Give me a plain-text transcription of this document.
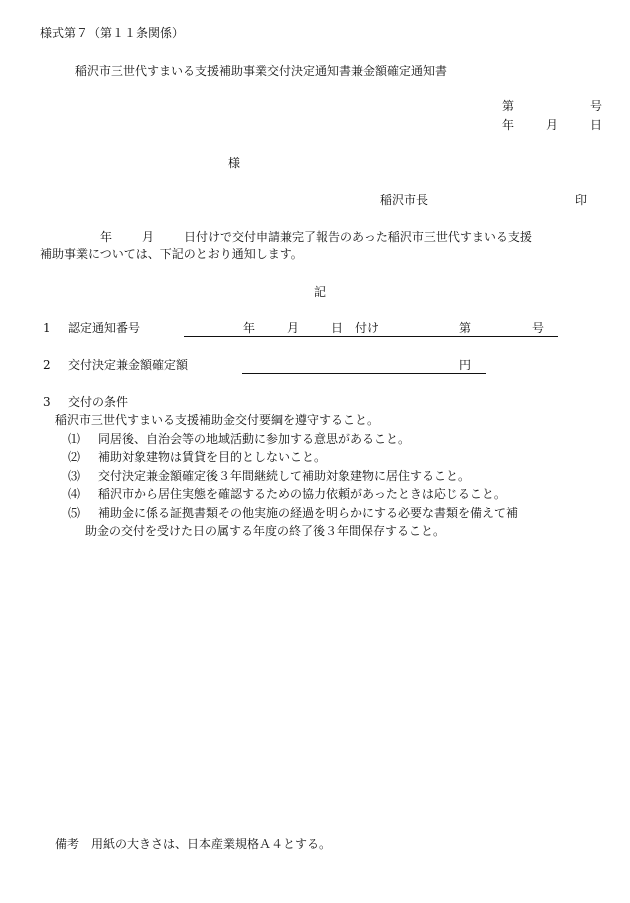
様式第７（第１１条関係）
稲沢市三世代すまいる支援補助事業交付決定通知書兼金額確定通知書
第	号
年	月	日
様
稲沢市長	印
年 月 日付けで交付申請兼完了報告のあった稲沢市三世代すまいる支援
補助事業については、下記のとおり通知します。
記
1 認定通知番号	年	月	日 付け	第	号
2 交付決定兼金額確定額	円
3 交付の条件
稲沢市三世代すまいる支援補助金交付要綱を遵守すること。
⑴ 同居後、自治会等の地域活動に参加する意思があること。
⑵ 補助対象建物は賃貸を目的としないこと。
⑶ 交付決定兼金額確定後３年間継続して補助対象建物に居住すること。
⑷ 稲沢市から居住実態を確認するための協力依頼があったときは応じること。
⑸ 補助金に係る証拠書類その他実施の経過を明らかにする必要な書類を備えて補
助金の交付を受けた日の属する年度の終了後３年間保存すること。
備考　用紙の大きさは、日本産業規格Ａ４とする。
